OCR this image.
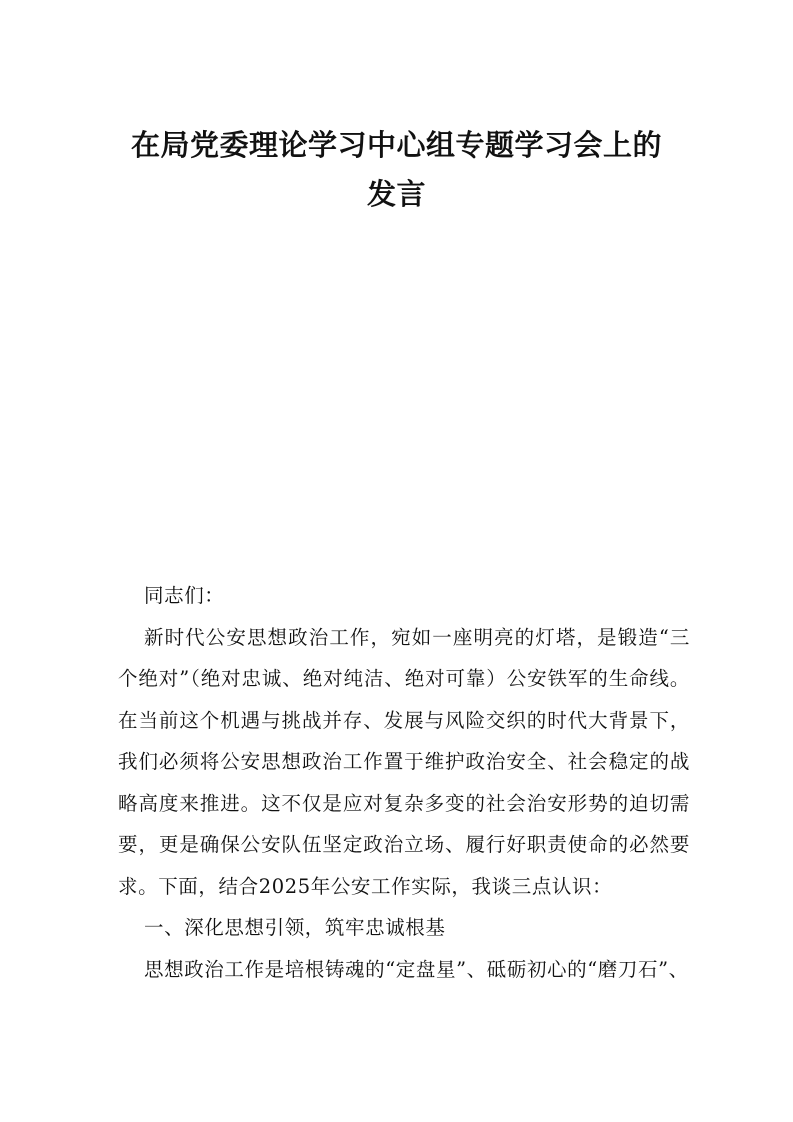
在局党委理论学习中心组专题学习会上的
发言

同志们：

新时代公安思想政治工作，宛如一座明亮的灯塔，是锻造“三个绝对”（绝对忠诚、绝对纯洁、绝对可靠）公安铁军的生命线。在当前这个机遇与挑战并存、发展与风险交织的时代大背景下，我们必须将公安思想政治工作置于维护政治安全、社会稳定的战略高度来推进。这不仅是应对复杂多变的社会治安形势的迫切需要，更是确保公安队伍坚定政治立场、履行好职责使命的必然要求。下面，结合2025年公安工作实际，我谈三点认识：

一、深化思想引领，筑牢忠诚根基

思想政治工作是培根铸魂的“定盘星”、砥砺初心的“磨刀石”、
